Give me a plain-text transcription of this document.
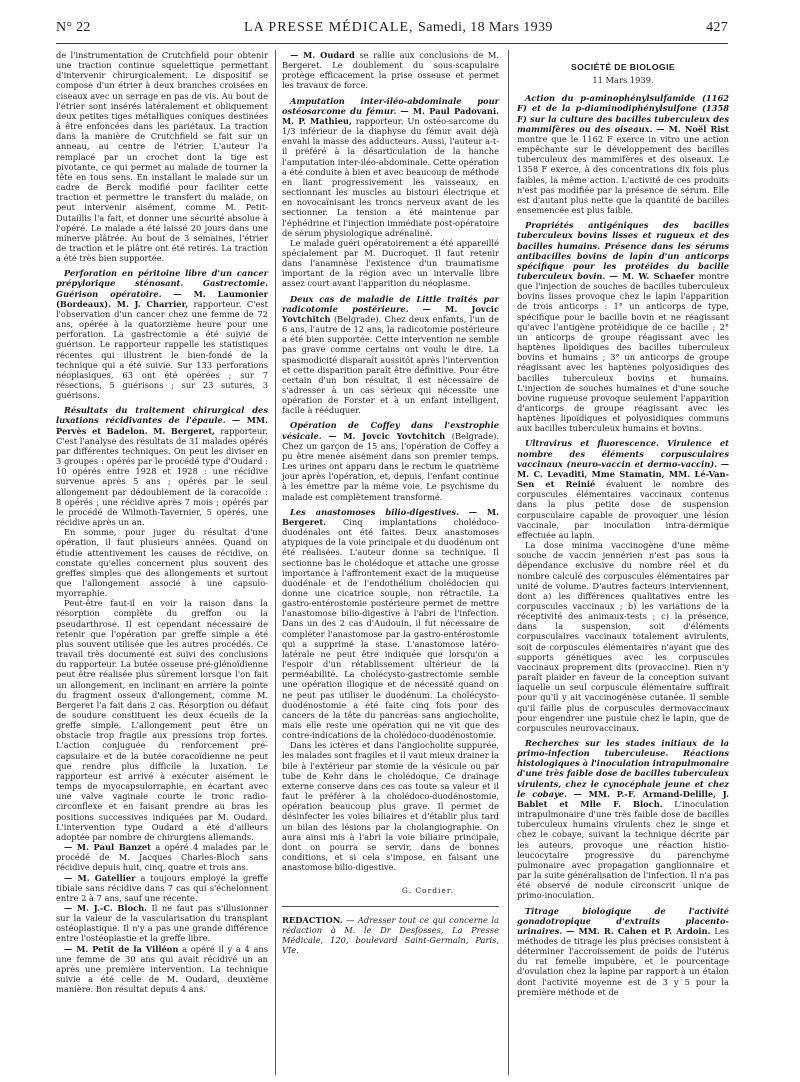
N° 22	LA PRESSE MÉDICALE, Samedi, 18 Mars 1939	427

de l'instrumentation de Crutchfield pour obtenir une traction continue squelettique permettant d'intervenir chirurgicalement. Le dispositif se compose d'un étrier à deux branches croisées en ciseaux avec un serrage en pas de vis. Au bout de l'étrier sont insérés latéralement et obliquement deux petites tiges métalliques coniques destinées à être enfoncées dans les pariétaux. La traction dans la manière de Crutchfield se fait sur un anneau, au centre de l'étrier. L'auteur l'a remplacé par un crochet dont la tige est pivotante, ce qui permet au malade de tourner la tête en tous sens. En installant le malade sur un cadre de Berck modifié pour faciliter cette traction et permettre le transfert du malade, on peut intervenir aisément, comme M. Petit-Dutaillis l'a fait, et donner une sécurité absolue à l'opéré. Le malade a été laissé 20 jours dans une minerve plâtrée. Au bout de 3 semaines, l'étrier de traction et le plâtre ont été retirés. La traction a été très bien supportée.

Perforation en péritoine libre d'un cancer prépylorique sténosant. Gastrectomie. Guérison opératoire. — M. Laumonier (Bordeaux). M. J. Charrier, rapporteur. C'est l'observation d'un cancer chez une femme de 72 ans, opérée à la quatorzième heure pour une perforation. La gastrectomie a été suivie de guérison. Le rapporteur rappelle les statistiques récentes qui illustrent le bien-fondé de la technique qui a été suivie. Sur 133 perforations néoplasiques, 63 ont été opérées ; sur 7 résections, 5 guérisons ; sur 23 sutures, 3 guérisons.

Résultats du traitement chirurgical des luxations récidivantes de l'épaule. — MM. Pervès et Badelon. M. Bergeret, rapporteur. C'est l'analyse des résultats de 31 malades opérés par différentes techniques. On peut les diviser en 3 groupes : opérés par le procédé type d'Oudard : 10 opérés entre 1928 et 1928 : une récidive survenue après 5 ans ; opérés par le seul allongement par dédoublement de la coracoïde : 8 opérés ; une récidive après 7 mois ; opérés par le procédé de Wilmoth-Tavernier, 5 opérés, une récidive après un an.

En somme, pour juger du résultat d'une opération, il faut plusieurs années. Quand on étudie attentivement les causes de récidive, on constate qu'elles concernent plus souvent des greffes simples que des allongements et surtout que l'allongement associé à une capsulo-myorraphie.

Peut-être faut-il en voir la raison dans la résorption complète du greffon ou la pseudarthrose. Il est cependant nécessaire de retenir que l'opération par greffe simple a été plus souvent utilisée que les autres procédés. Ce travail très documenté est suivi des conclusions du rapporteur. La butée osseuse pré-glénoïdienne peut être réalisée plus sûrement lorsque l'on fait un allongement, en inclinant en arrière la pointe du fragment osseux d'allongement, comme M. Bergeret l'a fait dans 2 cas. Résorption ou défaut de soudure constituent les deux écueils de la greffe simple. L'allongement peut être un obstacle trop fragile aux pressions trop fortes. L'action conjuguée du renforcement pré-capsulaire et de la butée coracoïdienne ne peut que rendre plus difficile la luxation. Le rapporteur est arrivé à exécuter aisément le temps de myocapsulorraphie, en écartant avec une valve vaginale courte le tronc radio-circonflexe et en faisant prendre au bras les positions successives indiquées par M. Oudard. L'intervention type Oudard a été d'ailleurs adoptée par nombre de chirurgiens allemands.

— M. Paul Banzet a opéré 4 malades par le procédé de M. Jacques Charles-Bloch sans récidive depuis huit, cinq, quatre et trois ans.

— M. Gatellier a toujours employé la greffe tibiale sans récidive dans 7 cas qui s'échelonnent entre 2 à 7 ans, sauf une récente.

— M. J.-C. Bloch. Il ne faut pas s'illusionner sur la valeur de la vascularisation du transplant ostéoplastique. Il n'y a pas une grande différence entre l'ostéoplastie et la greffe libre.

— M. Petit de la Villéon a opéré il y a 4 ans une femme de 30 ans qui avait récidivé un an après une première intervention. La technique suivie a été celle de M. Oudard, deuxième manière. Bon résultat depuis 4 ans.

— M. Oudard se rallie aux conclusions de M. Bergeret. Le doublement du sous-scapulaire protège efficacement la prise osseuse et permet les travaux de force.

Amputation inter-iléo-abdominale pour ostéosarcome du fémur. — M. Paul Padovani. M. P. Mathieu, rapporteur. Un ostéo-sarcome du 1/3 inférieur de la diaphyse du fémur avait déjà envahi la masse des adducteurs. Aussi, l'auteur a-t-il préféré à la désarticulation de la hanche l'amputation inter-iléo-abdominale. Cette opération a été conduite à bien et avec beaucoup de méthode en liant progressivement les vaisseaux, en sectionnant les muscles au bistouri électrique et en novocaïnisant les troncs nerveux avant de les sectionner. La tension a été maintenue par l'éphédrine et l'injection immédiate post-opératoire de sérum physiologique adrénaliné.

Le malade guéri opératoirement a été appareillé spécialement par M. Ducroquet. Il faut retenir dans l'anamnèse l'existence d'un traumatisme important de la région avec un intervalle libre assez court avant l'apparition du néoplasme.

Deux cas de maladie de Little traités par radicotomie postérieure. — M. Jovcic Yovtchitch (Belgrade). Chez deux enfants, l'un de 6 ans, l'autre de 12 ans, la radicotomie postérieure a été bien supportée. Cette intervention ne semble pas grave comme certains ont voulu le dire. La spasmodicité disparaît aussitôt après l'intervention et cette disparition paraît être définitive. Pour être certain d'un bon résultat, il est nécessaire de s'adresser à un cas sérieux qui nécessite une opération de Forster et à un enfant intelligent, facile à rééduquer.

Opération de Coffey dans l'exstrophie vésicale. — M. Jovcic Yovtchitch (Belgrade). Chez un garçon de 15 ans, l'opération de Coffey a pu être menée aisément dans son premier temps. Les urines ont apparu dans le rectum le quatrième jour après l'opération, et, depuis, l'enfant continue à les émettre par la même voie. Le psychisme du malade est complètement transformé.

Les anastomoses bilio-digestives. — M. Bergeret. Cinq implantations cholédoco-duodénales ont été faites. Deux anastomoses atypiques de la voie principale et du duodénum ont été réalisées. L'auteur donne sa technique. Il sectionne bas le cholédoque et attache une grosse importance à l'affrontement exact de la muqueuse duodénale et de l'endothélium cholédocien qui donne une cicatrice souple, non rétractile. La gastro-entérostomie postérieure permet de mettre l'anastomose bilio-digestive à l'abri de l'infection. Dans un des 2 cas d'Audouin, il fut nécessaire de compléter l'anastomose par la gastro-entérostomie qui a supprimé la stase. L'anastomose latéro-latérale ne peut être indiquée que lorsqu'on a l'espoir d'un rétablissement ultérieur de la perméabilité. La cholécysto-gastrectomie semble une opération illogique et de nécessité quand on ne peut pas utiliser le duodénum. La cholécysto-duodénostomie a été faite cinq fois pour des cancers de la tête du pancréas sans angiocholite, mais elle reste une opération qui ne vit que des contre-indications de la cholédoco-duodénostomie.

Dans les ictères et dans l'angiocholite suppurée, les malades sont fragiles et il vaut mieux drainer la bile à l'extérieur par stomie de la vésicule ou par tube de Kehr dans le cholédoque. Ce drainage externe conserve dans ces cas toute sa valeur et il faut le préférer à la cholédoco-duodénostomie, opération beaucoup plus grave. Il permet de désinfecter les voies biliaires et d'établir plus tard un bilan des lésions par la cholangiographie. On aura ainsi mis à l'abri la voie biliaire principale, dont on pourra se servir, dans de bonnes conditions, et si cela s'impose, en faisant une anastomose bilio-digestive.

G. Cordier.

REDACTION. — Adresser tout ce qui concerne la rédaction à M. le Dr Desfosses, La Presse Médicale, 120, boulevard Saint-Germain, Paris, VIe.

SOCIÉTÉ DE BIOLOGIE
11 Mars 1939.

Action du p-aminophénylsulfamide (1162 F) et de la p-diaminodiphénylsulfone (1358 F) sur la culture des bacilles tuberculeux des mammifères ou des oiseaux. — M. Noël Rist montre que le 1162 F exerce in vitro une action empêchante sur le développement des bacilles tuberculeux des mammifères et des oiseaux. Le 1358 F exerce, à des concentrations dix fois plus faibles, la même action. L'activité de ces produits n'est pas modifiée par la présence de sérum. Elle est d'autant plus nette que la quantité de bacilles ensemencée est plus faible.

Propriétés antigéniques des bacilles tuberculeux bovins lisses et rugueux et des bacilles humains. Présence dans les sérums antibacilles bovins de lapin d'un anticorps spécifique pour les protéides du bacille tuberculeux bovin. — M. W. Schaefer montre que l'injection de souches de bacilles tuberculeux bovins lisses provoque chez le lapin l'apparition de trois anticorps : 1° un anticorps de type, spécifique pour le bacille bovin et ne réagissant qu'avec l'antigène protéidique de ce bacille ; 2° un anticorps de groupe réagissant avec les haptènes lipoïdiques des bacilles tuberculeux bovins et humains ; 3° un anticorps de groupe réagissant avec les haptènes polyosidiques des bacilles tuberculeux bovins et humains. L'injection de souches humaines et d'une souche bovine rugueuse provoque seulement l'apparition d'anticorps de groupe réagissant avec les haptènes lipoïdiques et polyosidiques communs aux bacilles tuberculeux humains et bovins.

Ultravirus et fluorescence. Virulence et nombre des éléments corpusculaires vaccinaux (neuro-vaccin et dermo-vaccin). — M. C. Levaditi, Mme Stamatin, MM. Lé-Van-Sen et Reinié évaluent le nombre des corpuscules élémentaires vaccinaux contenus dans la plus petite dose de suspension corpusculaire capable de provoquer une lésion vaccinale, par inoculation intra-dermique effectuée au lapin.

La dose minima vaccinogène d'une même souche de vaccin jennérien n'est pas sous la dépendance exclusive du nombre réel et du nombre calculé des corpuscules élémentaires par unité de volume. D'autres facteurs interviennent, dont a) les différences qualitatives entre les corpuscules vaccinaux ; b) les variations de la réceptivité des animaux-tests ; c) la présence, dans la suspension, soit d'éléments corpusculaires vaccinaux totalement avirulents, soit de corpuscules élémentaires n'ayant que des supports génétiques avec les corpuscules vaccinaux proprement dits (provaccine). Rien n'y paraît plaider en faveur de la conception suivant laquelle un seul corpuscule élémentaire suffirait pour qu'il y ait vaccinogénèse cutanée. Il semble qu'il faille plus de corpuscules dermovaccinaux pour engendrer une pustule chez le lapin, que de corpuscules neurovaccinaux.

Recherches sur les stades initiaux de la primo-infection tuberculeuse. Réactions histologiques à l'inoculation intrapulmonaire d'une très faible dose de bacilles tuberculeux virulents, chez le cynocéphale jeune et chez le cobaye. — MM. P.-F. Armand-Delille, J. Bablet et Mlle F. Bloch. L'inoculation intrapulmonaire d'une très faible dose de bacilles tuberculeux humains virulents chez le singe et chez le cobaye, suivant la technique décrite par les auteurs, provoque une réaction histio-leucocytaire progressive du parenchyme pulmonaire avec propagation ganglionnaire et par la suite généralisation de l'infection. Il n'a pas été observé de nodule circonscrit unique de primo-inoculation.

Titrage biologique de l'activité gonadotropique d'extraits placento-urinaires. — MM. R. Cahen et P. Ardoin. Les méthodes de titrage les plus précises consistent à déterminer l'accroissement de poids de l'utérus du rat femelle impubère, et le pourcentage d'ovulation chez la lapine par rapport à un étalon dont l'activité moyenne est de 3 y 5 pour la première méthode et de
